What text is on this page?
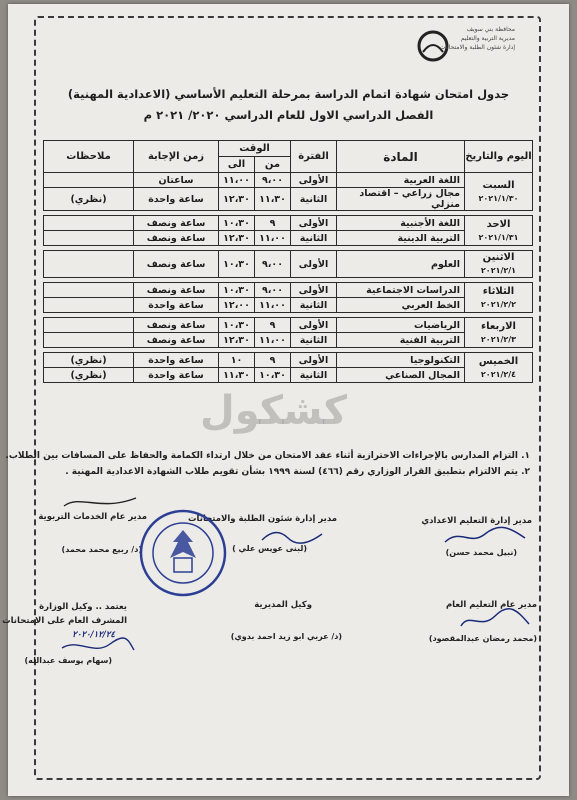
محافظة بني سويف
مديرية التربية والتعليم
إدارة شئون الطلبة والامتحانات
جدول امتحان شهادة اتمام الدراسة بمرحلة التعليم الأساسي (الاعدادية المهنية)
الفصل الدراسي الاول للعام الدراسي ٢٠٢٠/ ٢٠٢١ م
اليوم والتاريخ	المادة	الفترة	الوقت		زمن الإجابة	ملاحظات
			من	الى		
السبت
٢٠٢١/١/٣٠	اللغة العربية	الأولى	٩،٠٠	١١،٠٠	ساعتان	
	مجال زراعي – اقتصاد منزلي	الثانية	١١،٣٠	١٢،٣٠	ساعة واحدة	(نظري)

الاحد
٢٠٢١/١/٣١	اللغة الأجنبية	الأولى	٩	١٠،٣٠	ساعة ونصف	
	التربية الدينية	الثانية	١١،٠٠	١٢،٣٠	ساعة ونصف	

الاثنين
٢٠٢١/٢/١	العلوم	الأولى	٩،٠٠	١٠،٣٠	ساعة ونصف	

الثلاثاء
٢٠٢١/٢/٢	الدراسات الاجتماعية	الأولى	٩،٠٠	١٠،٣٠	ساعة ونصف	
	الخط العربي	الثانية	١١،٠٠	١٢،٠٠	ساعة واحدة	

الاربعاء
٢٠٢١/٢/٣	الرياضيات	الأولى	٩	١٠،٣٠	ساعة ونصف	
	التربية الفنية	الثانية	١١،٠٠	١٢،٣٠	ساعة ونصف	

الخميس
٢٠٢١/٢/٤	التكنولوجيا	الأولى	٩	١٠	ساعة واحدة	(نظري)
	المجال الصناعي	الثانية	١٠،٣٠	١١،٣٠	ساعة واحدة	(نظري)
كشكول
١. التزام المدارس بالإجراءات الاحترازية أثناء عقد الامتحان من خلال ارتداء الكمامة والحفاظ على المسافات بين الطلاب.
٢. يتم الالتزام بتطبيق القرار الوزاري رقم (٤٦٦) لسنة ١٩٩٩ بشأن تقويم طلاب الشهادة الاعدادية المهنية .
مدير إدارة التعليم الاعدادي
(نبيل محمد حسن)
مدير إدارة شئون الطلبة والامتحانات
(لبنى عويس علي )
مدير عام الخدمات التربوية
(د/ ربيع محمد محمد)
مدير عام التعليم العام
(محمد رمضان عبدالمقصود)
وكيل المديرية
(د/ عربي ابو زيد احمد بدوي)
يعتمد .. وكيل الوزارة
المشرف العام على الامتحانات
٢٠٢٠/١٢/٢٤
(سهام يوسف عبدالله)
